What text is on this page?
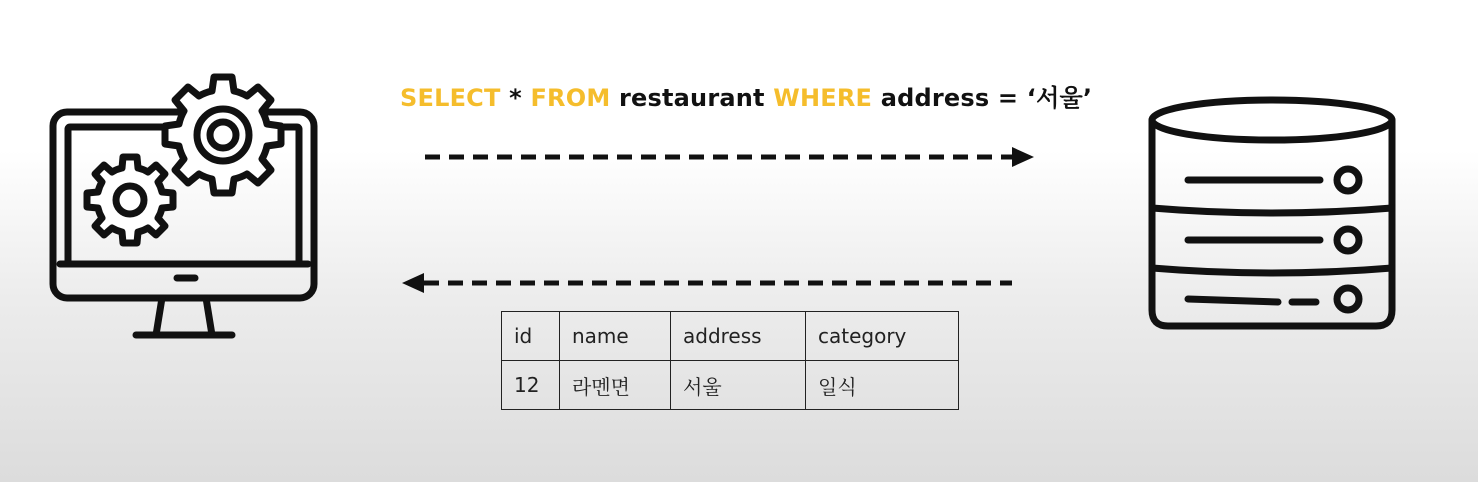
SELECT * FROM restaurant WHERE address = ‘서울’
id	name	address	category
12	라멘면	서울	일식
